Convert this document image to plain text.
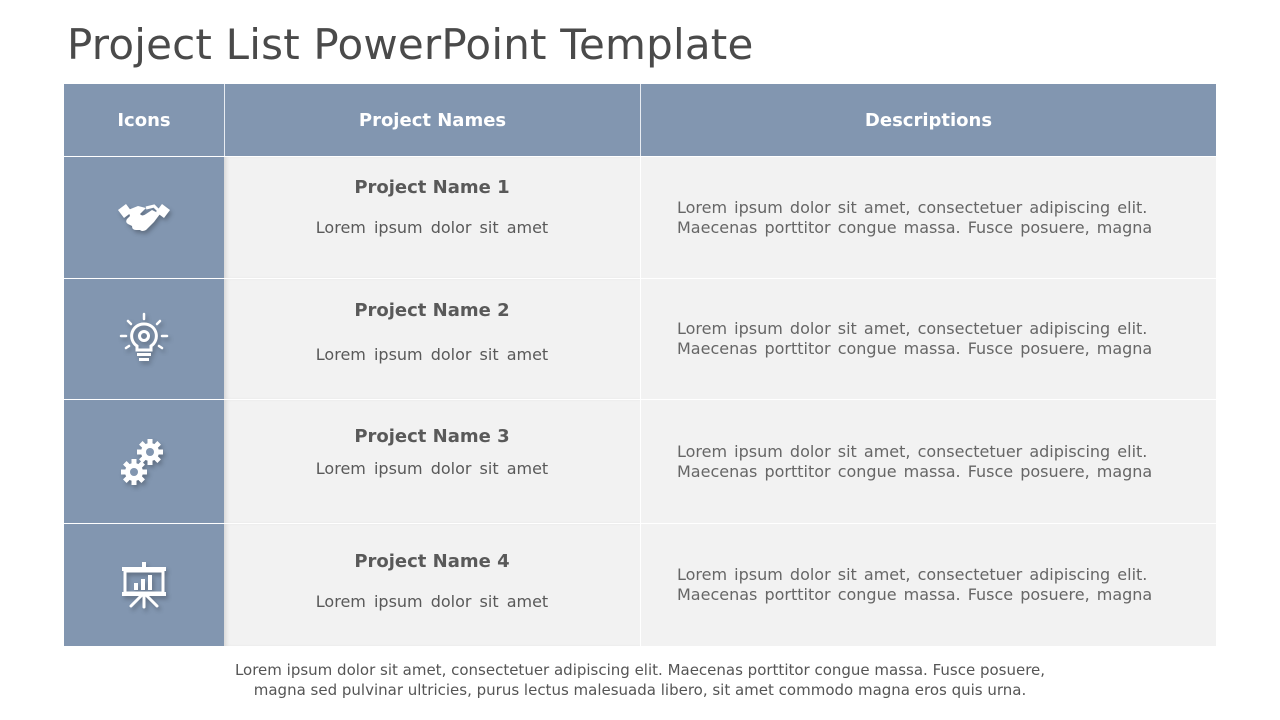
Project List PowerPoint Template
Icons	Project Names	Descriptions
Project Name 1
Lorem ipsum dolor sit amet
Lorem ipsum dolor sit amet, consectetuer adipiscing elit.
Maecenas porttitor congue massa. Fusce posuere, magna
Project Name 2
Lorem ipsum dolor sit amet
Lorem ipsum dolor sit amet, consectetuer adipiscing elit.
Maecenas porttitor congue massa. Fusce posuere, magna
Project Name 3
Lorem ipsum dolor sit amet
Lorem ipsum dolor sit amet, consectetuer adipiscing elit.
Maecenas porttitor congue massa. Fusce posuere, magna
Project Name 4
Lorem ipsum dolor sit amet
Lorem ipsum dolor sit amet, consectetuer adipiscing elit.
Maecenas porttitor congue massa. Fusce posuere, magna
Lorem ipsum dolor sit amet, consectetuer adipiscing elit. Maecenas porttitor congue massa. Fusce posuere,
magna sed pulvinar ultricies, purus lectus malesuada libero, sit amet commodo magna eros quis urna.
